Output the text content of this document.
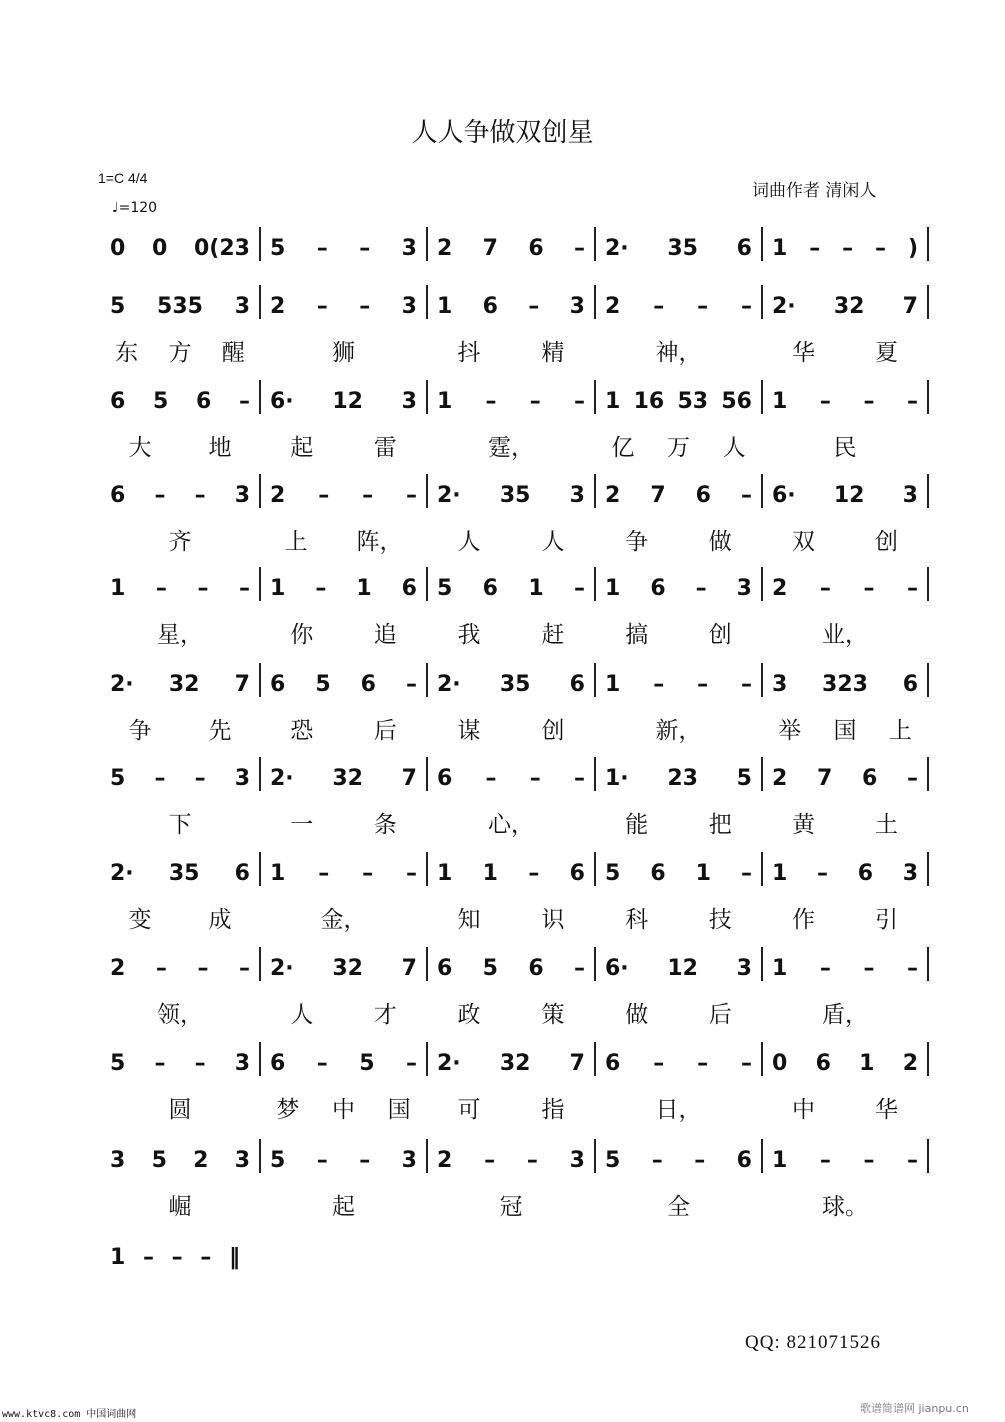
人人争做双创星
1=C 4/4
♩=120
词曲作者 清闲人
0 0 0(23 5 – – 3 2 7 6 – 2· 35 6 1 – – – )
5 535 3
东 方 醒
2 – – 3
狮
1 6 – 3
抖	精
2 – – –
神，
2· 32 7
华	夏
6 5 6 –
大 地
6· 12 3
起	雷
1 – – –
霆，
1 16 53 56
亿 万 人
1 – – –
民
6 – – 3
齐
2 – – –
上 阵，
2· 35 3
人	人
2 7 6 –
争	做
6· 12 3
双	创
1 – – –
星，
1 – 1 6
你	追
5 6 1 –
我	赶
1 6 – 3
搞	创
2 – – –
业，
2· 32 7
争 先
6 5 6 –
恐	后
2· 35 6
谋	创
1 – – –
新，
3 323 6
举 国 上
5 – – 3
下
2· 32 7
一	条
6 – – –
心，
1· 23 5
能	把
2 7 6 –
黄	土
2· 35 6
变 成
1 – – –
金，
1 1 – 6
知	识
5 6 1 –
科	技
1 – 6 3
作	引
2 – – –
领，
2· 32 7
人	才
6 5 6 –
政	策
6· 12 3
做	后
1 – – –
盾，
5 – – 3
圆
6 – 5 –
梦 中 国
2· 32 7
可	指
6 – – –
日，
0 6 1 2
中	华
3 5 2 3
崛
5 – – 3
起
2 – – 3
冠
5 – – 6
全
1 – – –
球。
1 – – – ‖
QQ: 821071526
www.ktvc8.com 中国词曲网	歌谱简谱网 jianpu.cn
